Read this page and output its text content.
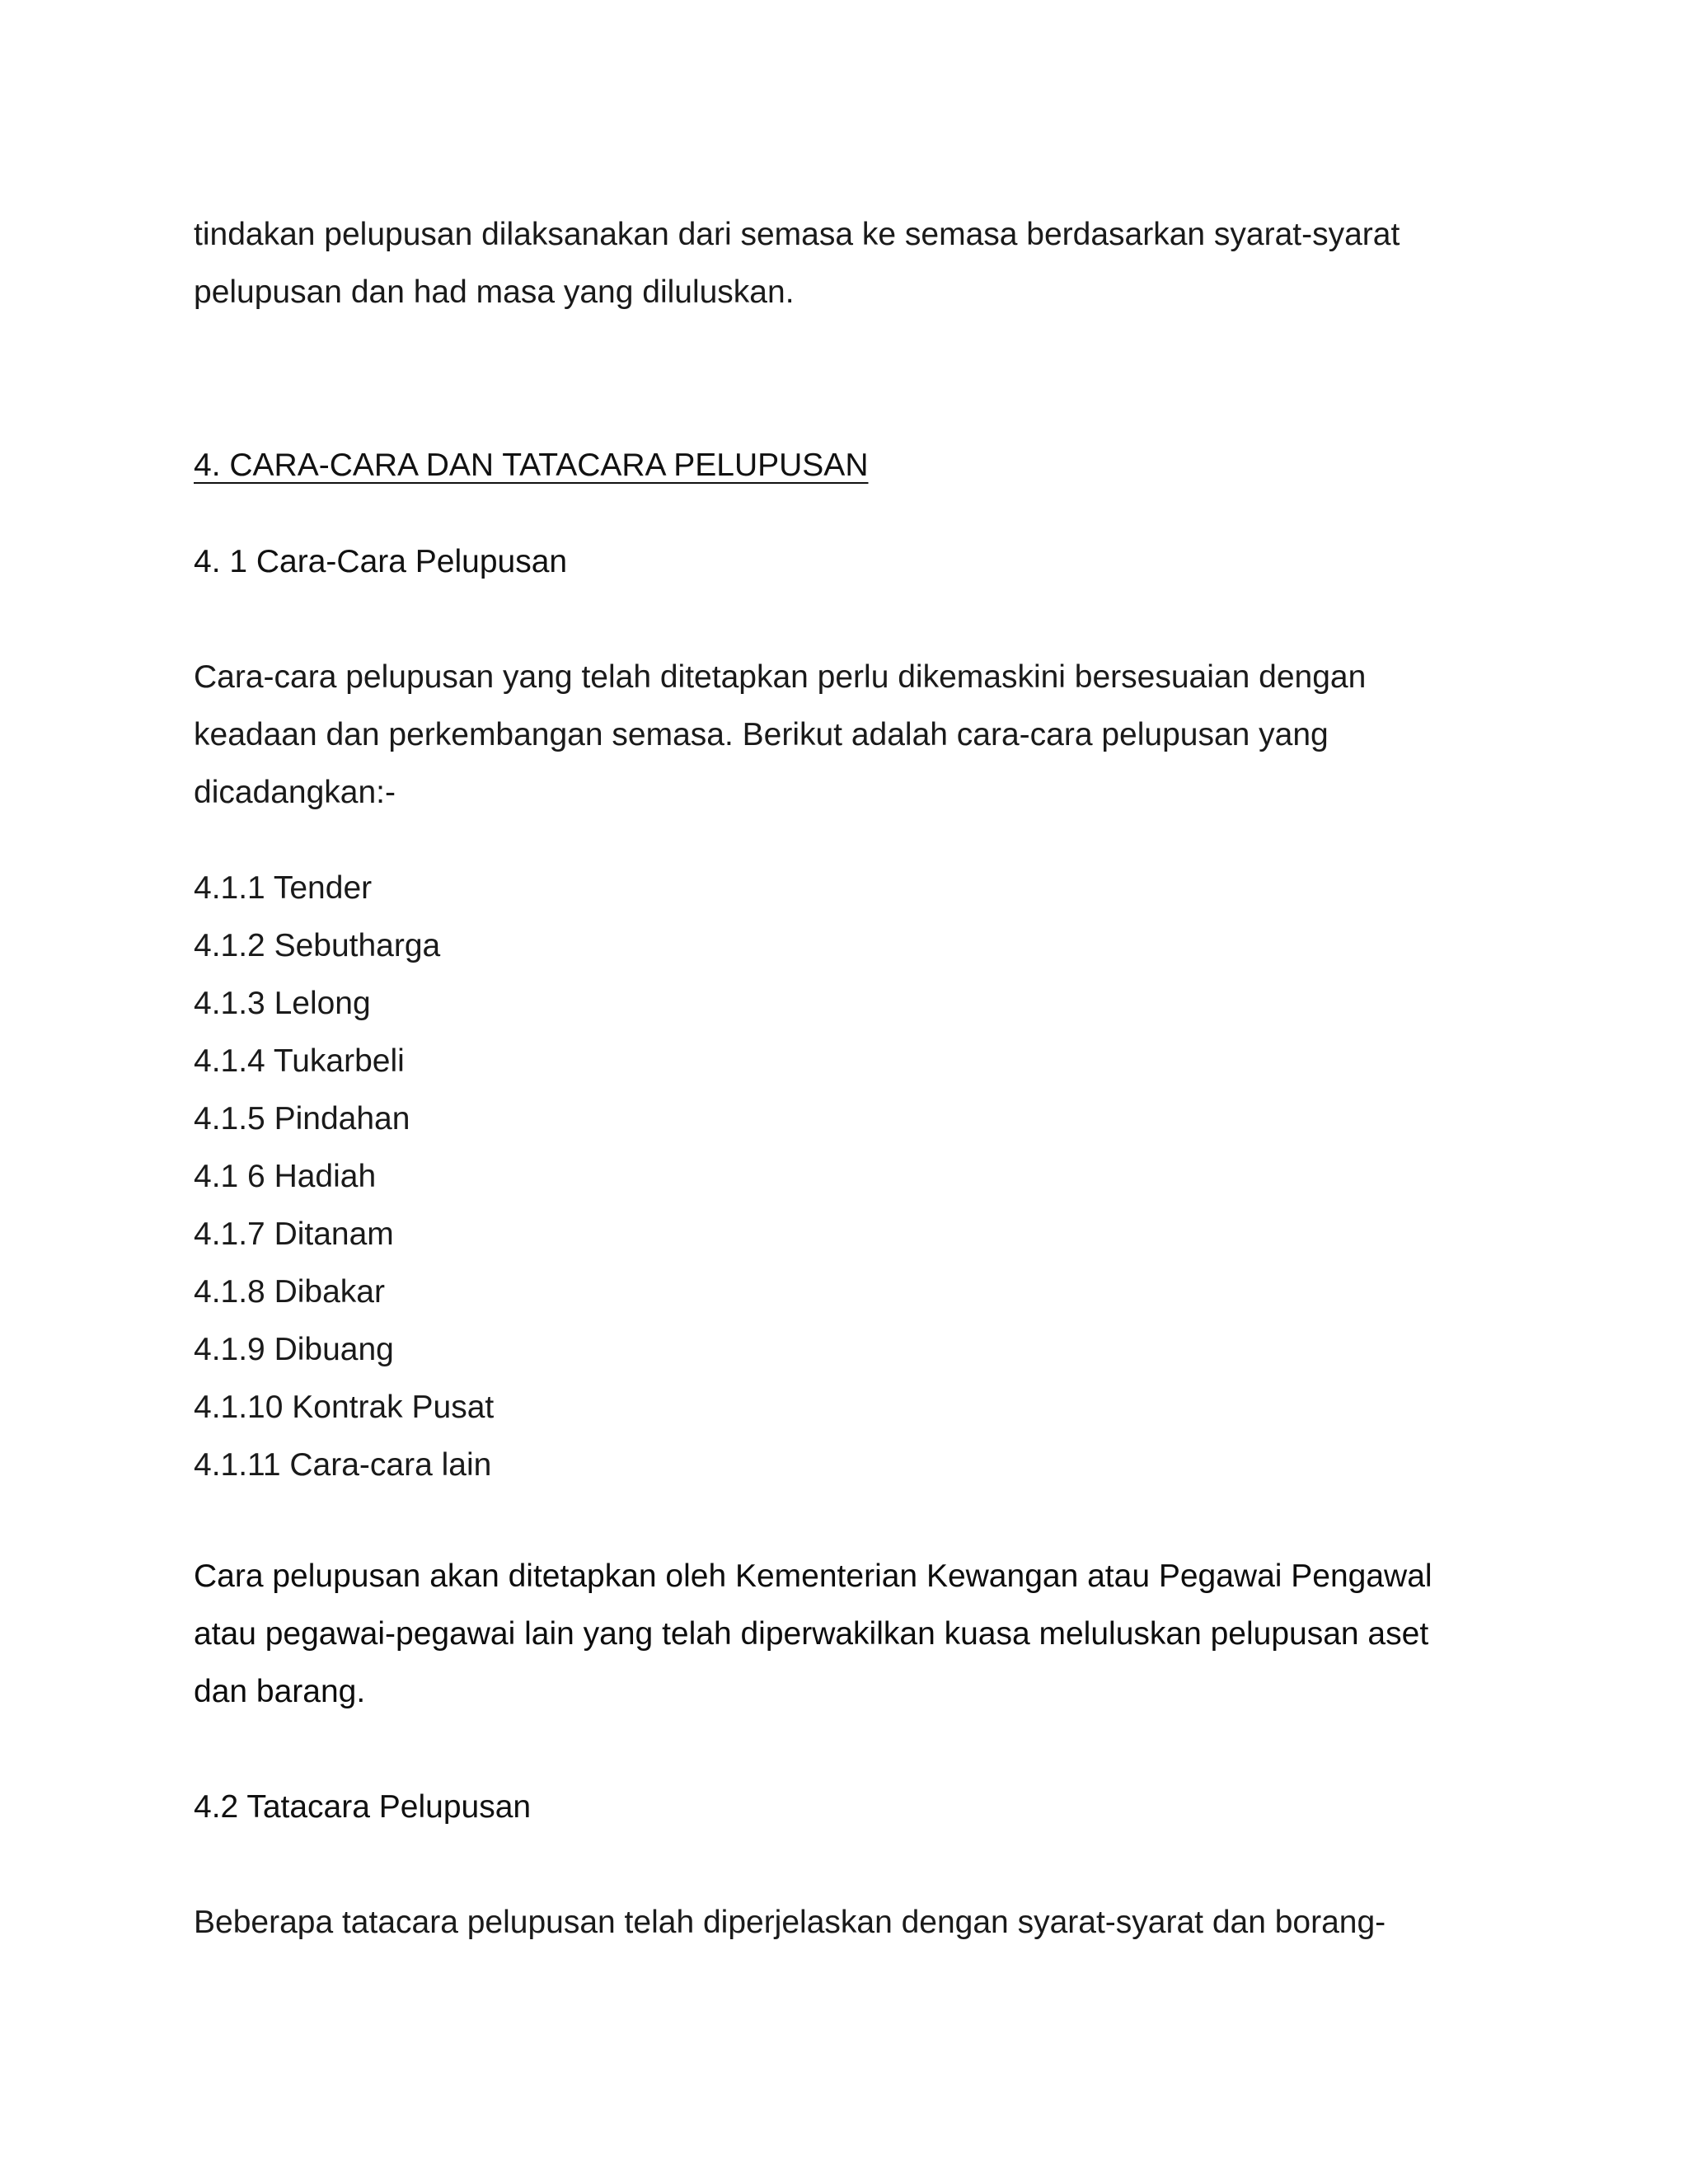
tindakan pelupusan dilaksanakan dari semasa ke semasa berdasarkan syarat-syarat
pelupusan dan had masa yang diluluskan.

4. CARA-CARA DAN TATACARA PELUPUSAN

4. 1 Cara-Cara Pelupusan

Cara-cara pelupusan yang telah ditetapkan perlu dikemaskini bersesuaian dengan
keadaan dan perkembangan semasa. Berikut adalah cara-cara pelupusan yang
dicadangkan:-

4.1.1 Tender
4.1.2 Sebutharga
4.1.3 Lelong
4.1.4 Tukarbeli
4.1.5 Pindahan
4.1 6 Hadiah
4.1.7 Ditanam
4.1.8 Dibakar
4.1.9 Dibuang
4.1.10 Kontrak Pusat
4.1.11 Cara-cara lain

Cara pelupusan akan ditetapkan oleh Kementerian Kewangan atau Pegawai Pengawal
atau pegawai-pegawai lain yang telah diperwakilkan kuasa meluluskan pelupusan aset
dan barang.

4.2 Tatacara Pelupusan

Beberapa tatacara pelupusan telah diperjelaskan dengan syarat-syarat dan borang-
